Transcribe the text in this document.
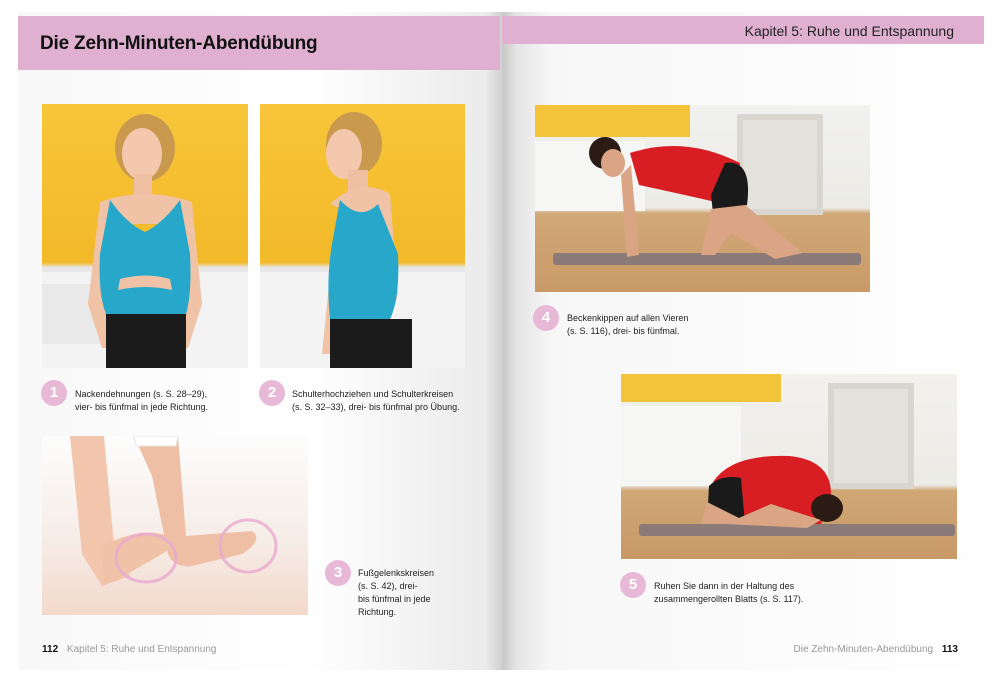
Die Zehn-Minuten-Abendübung
Kapitel 5: Ruhe und Entspannung
1	Nackendehnungen (s. S. 28–29),
vier- bis fünfmal in jede Richtung.
2	Schulterhochziehen und Schulterkreisen
(s. S. 32–33), drei- bis fünfmal pro Übung.
3	Fußgelenkskreisen
(s. S. 42), drei-
bis fünfmal in jede
Richtung.
4	Beckenkippen auf allen Vieren
(s. S. 116), drei- bis fünfmal.
5	Ruhen Sie dann in der Haltung des
zusammengerollten Blatts (s. S. 117).
112 Kapitel 5: Ruhe und Entspannung	Die Zehn-Minuten-Abendübung 113
